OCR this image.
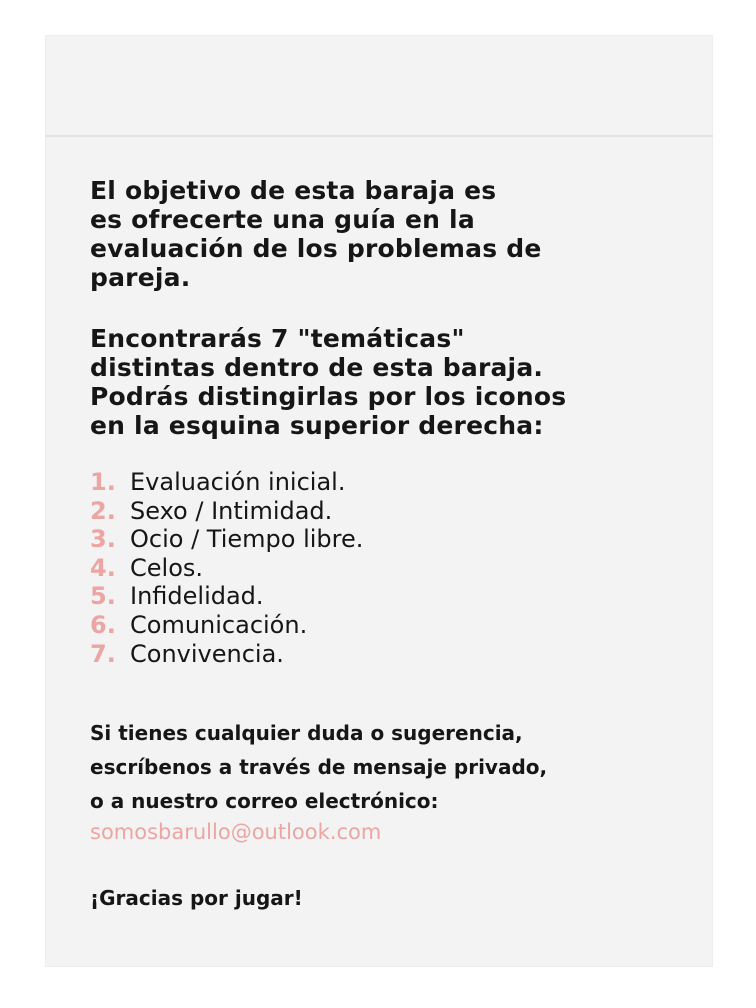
El objetivo de esta baraja es
es ofrecerte una guía en la
evaluación de los problemas de
pareja.

Encontrarás 7 "temáticas"
distintas dentro de esta baraja.
Podrás distingirlas por los iconos
en la esquina superior derecha:

1. Evaluación inicial.
2. Sexo / Intimidad.
3. Ocio / Tiempo libre.
4. Celos.
5. Infidelidad.
6. Comunicación.
7. Convivencia.

Si tienes cualquier duda o sugerencia,
escríbenos a través de mensaje privado,
o a nuestro correo electrónico:
somosbarullo@outlook.com

¡Gracias por jugar!
